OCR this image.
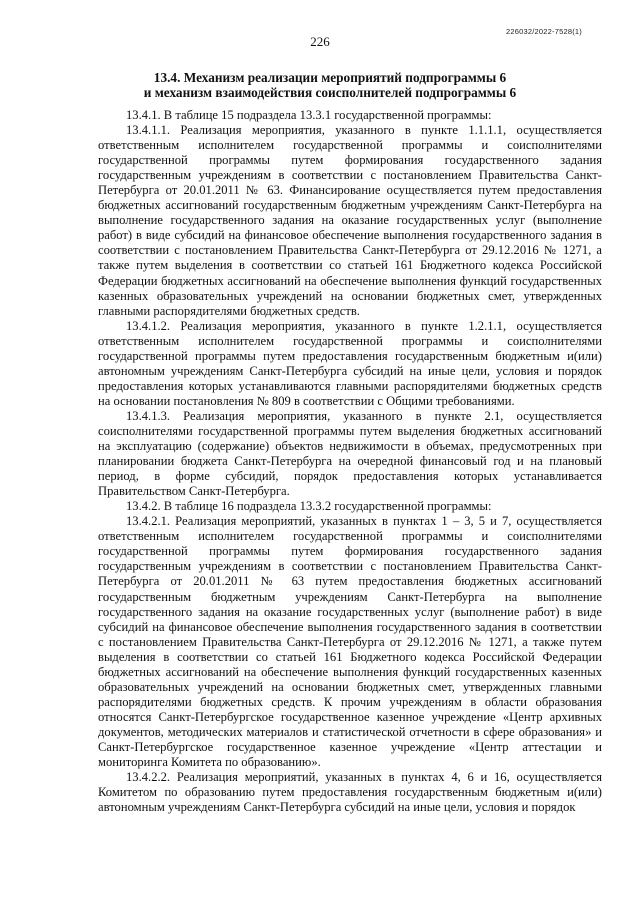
226032/2022-7528(1)
226
13.4. Механизм реализации мероприятий подпрограммы 6
и механизм взаимодействия соисполнителей подпрограммы 6

13.4.1. В таблице 15 подраздела 13.3.1 государственной программы:

13.4.1.1. Реализация мероприятия, указанного в пункте 1.1.1.1, осуществляется ответственным исполнителем государственной программы и соисполнителями государственной программы путем формирования государственного задания государственным учреждениям в соответствии с постановлением Правительства Санкт-Петербурга от 20.01.2011 № 63. Финансирование осуществляется путем предоставления бюджетных ассигнований государственным бюджетным учреждениям Санкт-Петербурга на выполнение государственного задания на оказание государственных услуг (выполнение работ) в виде субсидий на финансовое обеспечение выполнения государственного задания в соответствии с постановлением Правительства Санкт-Петербурга от 29.12.2016 № 1271, а также путем выделения в соответствии со статьей 161 Бюджетного кодекса Российской Федерации бюджетных ассигнований на обеспечение выполнения функций государственных казенных образовательных учреждений на основании бюджетных смет, утвержденных главными распорядителями бюджетных средств.

13.4.1.2. Реализация мероприятия, указанного в пункте 1.2.1.1, осуществляется ответственным исполнителем государственной программы и соисполнителями государственной программы путем предоставления государственным бюджетным и(или) автономным учреждениям Санкт-Петербурга субсидий на иные цели, условия и порядок предоставления которых устанавливаются главными распорядителями бюджетных средств на основании постановления № 809 в соответствии с Общими требованиями.

13.4.1.3. Реализация мероприятия, указанного в пункте 2.1, осуществляется соисполнителями государственной программы путем выделения бюджетных ассигнований на эксплуатацию (содержание) объектов недвижимости в объемах, предусмотренных при планировании бюджета Санкт-Петербурга на очередной финансовый год и на плановый период, в форме субсидий, порядок предоставления которых устанавливается Правительством Санкт-Петербурга.

13.4.2. В таблице 16 подраздела 13.3.2 государственной программы:

13.4.2.1. Реализация мероприятий, указанных в пунктах 1 – 3, 5 и 7, осуществляется ответственным исполнителем государственной программы и соисполнителями государственной программы путем формирования государственного задания государственным учреждениям в соответствии с постановлением Правительства Санкт-Петербурга от 20.01.2011 № 63 путем предоставления бюджетных ассигнований государственным бюджетным учреждениям Санкт-Петербурга на выполнение государственного задания на оказание государственных услуг (выполнение работ) в виде субсидий на финансовое обеспечение выполнения государственного задания в соответствии с постановлением Правительства Санкт-Петербурга от 29.12.2016 № 1271, а также путем выделения в соответствии со статьей 161 Бюджетного кодекса Российской Федерации бюджетных ассигнований на обеспечение выполнения функций государственных казенных образовательных учреждений на основании бюджетных смет, утвержденных главными распорядителями бюджетных средств. К прочим учреждениям в области образования относятся Санкт-Петербургское государственное казенное учреждение «Центр архивных документов, методических материалов и статистической отчетности в сфере образования» и Санкт-Петербургское государственное казенное учреждение «Центр аттестации и мониторинга Комитета по образованию».

13.4.2.2. Реализация мероприятий, указанных в пунктах 4, 6 и 16, осуществляется Комитетом по образованию путем предоставления государственным бюджетным и(или) автономным учреждениям Санкт-Петербурга субсидий на иные цели, условия и порядок
